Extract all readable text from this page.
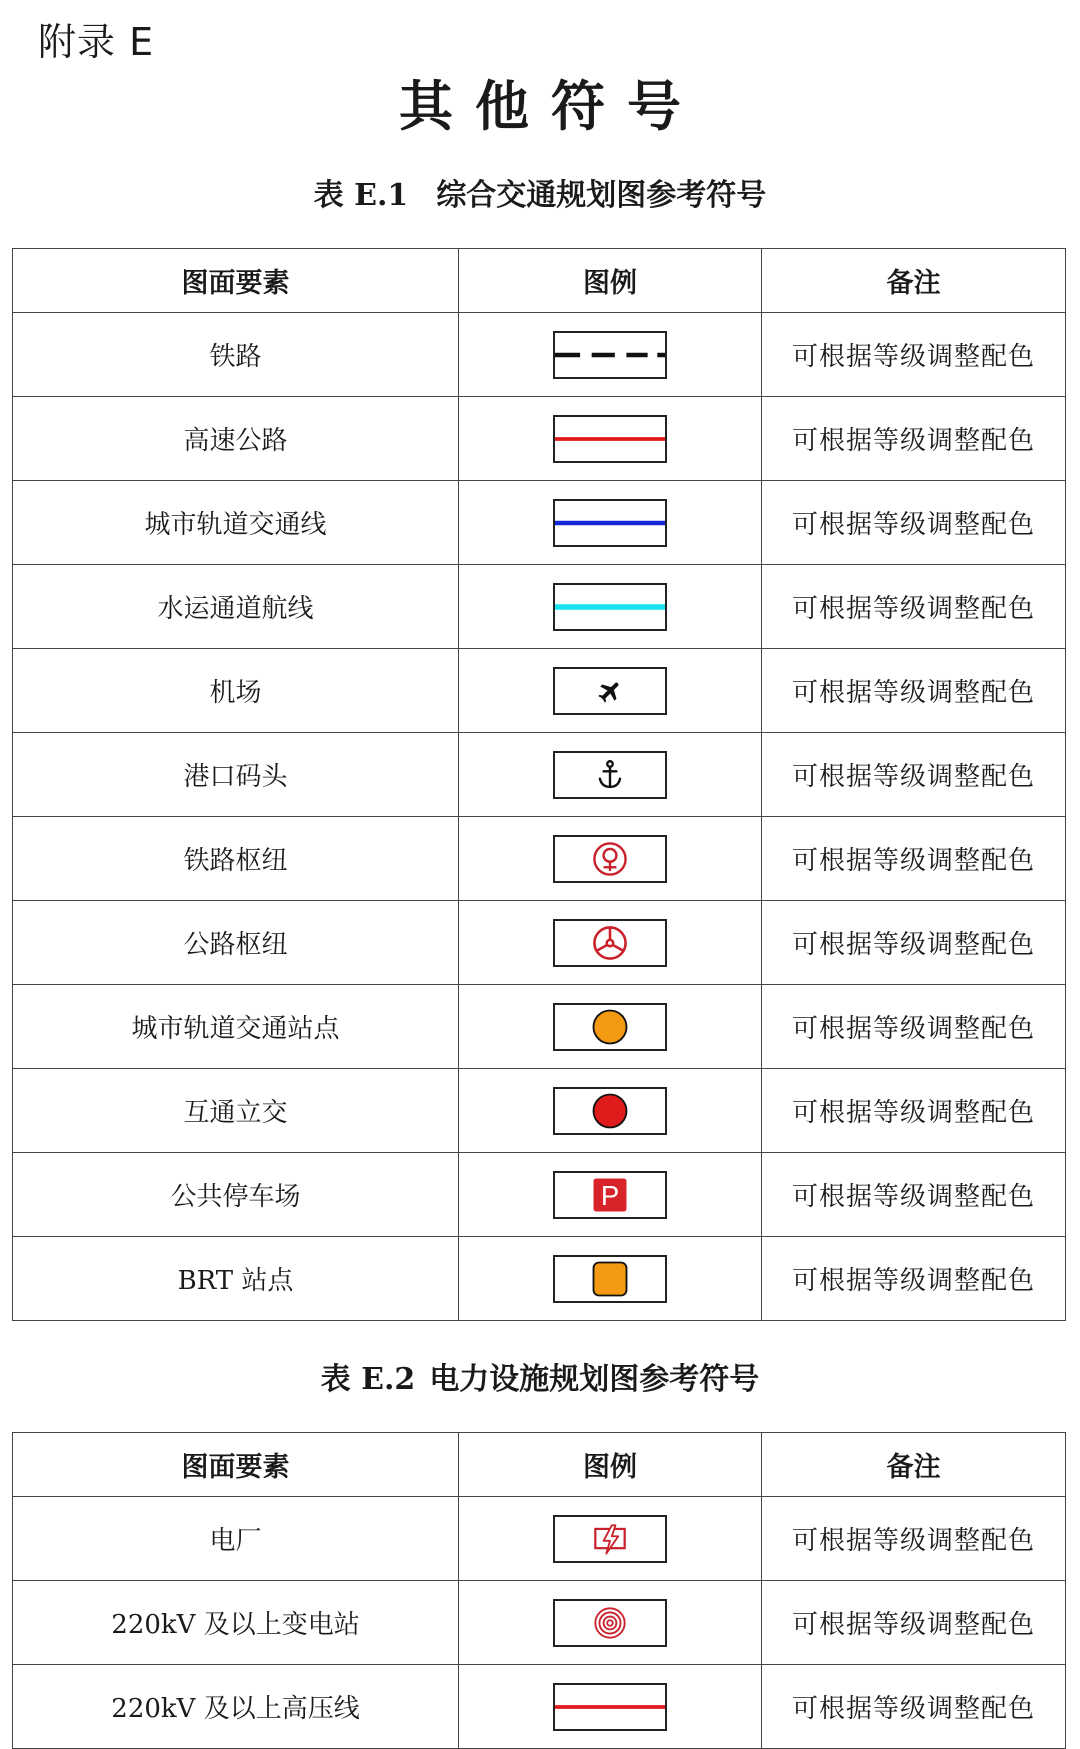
附录 E
其他符号
表 E.1 综合交通规划图参考符号
图面要素	图例	备注
铁路		可根据等级调整配色
高速公路		可根据等级调整配色
城市轨道交通线		可根据等级调整配色
水运通道航线		可根据等级调整配色
机场		可根据等级调整配色
港口码头		可根据等级调整配色
铁路枢纽		可根据等级调整配色
公路枢纽		可根据等级调整配色
城市轨道交通站点		可根据等级调整配色
互通立交		可根据等级调整配色
公共停车场	P	可根据等级调整配色
BRT 站点		可根据等级调整配色
表 E.2 电力设施规划图参考符号
图面要素	图例	备注
电厂		可根据等级调整配色
220kV 及以上变电站		可根据等级调整配色
220kV 及以上高压线		可根据等级调整配色
